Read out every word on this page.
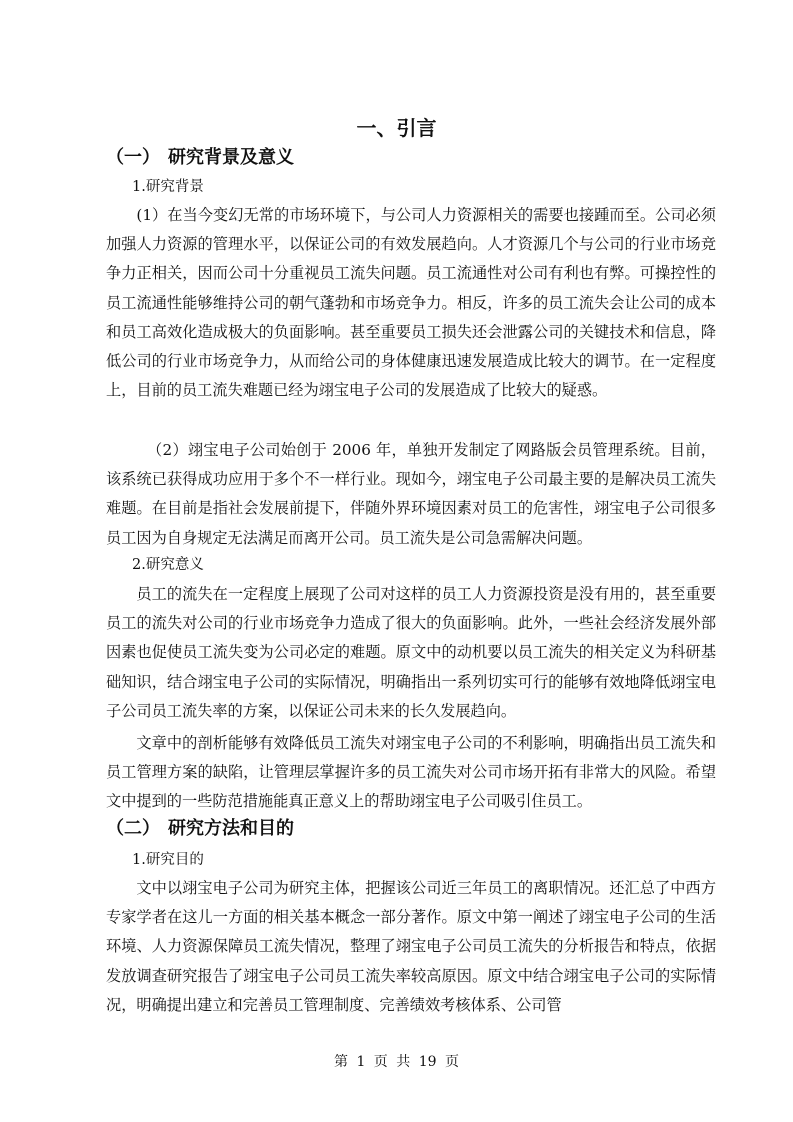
一、引言
（一） 研究背景及意义
1.研究背景

(1）在当今变幻无常的市场环境下，与公司人力资源相关的需要也接踵而至。公司必须加强人力资源的管理水平，以保证公司的有效发展趋向。人才资源几个与公司的行业市场竞争力正相关，因而公司十分重视员工流失问题。员工流通性对公司有利也有弊。可操控性的员工流通性能够维持公司的朝气蓬勃和市场竞争力。相反，许多的员工流失会让公司的成本和员工高效化造成极大的负面影响。甚至重要员工损失还会泄露公司的关键技术和信息，降低公司的行业市场竞争力，从而给公司的身体健康迅速发展造成比较大的调节。在一定程度上，目前的员工流失难题已经为翊宝电子公司的发展造成了比较大的疑惑。

（2）翊宝电子公司始创于 2006 年，单独开发制定了网路版会员管理系统。目前，该系统已获得成功应用于多个不一样行业。现如今，翊宝电子公司最主要的是解决员工流失难题。在目前是指社会发展前提下，伴随外界环境因素对员工的危害性，翊宝电子公司很多员工因为自身规定无法满足而离开公司。员工流失是公司急需解决问题。

2.研究意义

员工的流失在一定程度上展现了公司对这样的员工人力资源投资是没有用的，甚至重要员工的流失对公司的行业市场竞争力造成了很大的负面影响。此外，一些社会经济发展外部因素也促使员工流失变为公司必定的难题。原文中的动机要以员工流失的相关定义为科研基础知识，结合翊宝电子公司的实际情况，明确指出一系列切实可行的能够有效地降低翊宝电子公司员工流失率的方案，以保证公司未来的长久发展趋向。

文章中的剖析能够有效降低员工流失对翊宝电子公司的不利影响，明确指出员工流失和员工管理方案的缺陷，让管理层掌握许多的员工流失对公司市场开拓有非常大的风险。希望文中提到的一些防范措施能真正意义上的帮助翊宝电子公司吸引住员工。

（二） 研究方法和目的
1.研究目的

文中以翊宝电子公司为研究主体，把握该公司近三年员工的离职情况。还汇总了中西方专家学者在这儿一方面的相关基本概念一部分著作。原文中第一阐述了翊宝电子公司的生活环境、人力资源保障员工流失情况，整理了翊宝电子公司员工流失的分析报告和特点，依据发放调查研究报告了翊宝电子公司员工流失率较高原因。原文中结合翊宝电子公司的实际情况，明确提出建立和完善员工管理制度、完善绩效考核体系、公司管

第 1 页 共 19 页
